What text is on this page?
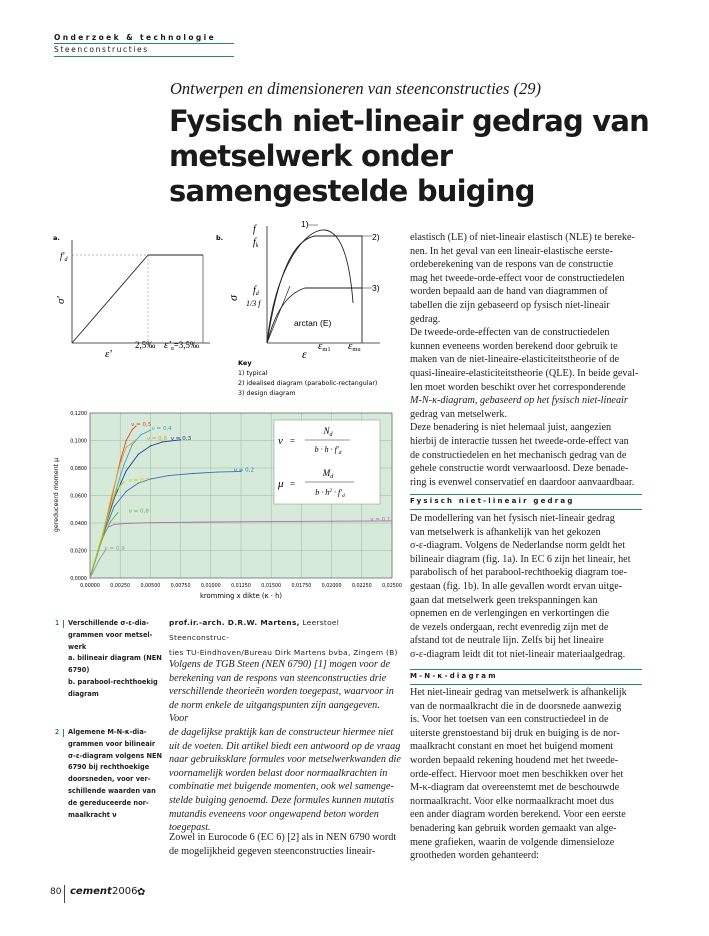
Onderzoek & technologie
Steenconstructies
Ontwerpen en dimensioneren van steenconstructies (29)
Fysisch niet-lineair gedrag van
metselwerk onder
samengestelde buiging
a.
$f'_d$
σ'
ε'
2,5‰ $\varepsilon'_u=3,5‰$
b.
f
$f_k$
$f_d$
1/3 f
σ
ε
$\varepsilon_{m1}$ $\varepsilon_{mu}$
arctan (E)
1)
2)
3)
Key
1) typical
2) idealised diagram (parabolic-rectangular)
3) design diagram
ν = 0,1
ν = 0,2
ν = 0,3
ν = 0,4
ν = 0,5
ν = 0,6
ν = 0,7
ν = 0,8
ν = 0,9
0,00000 0,00250 0,00500 0,00750 0,01000 0,01250 0,01500 0,01750 0,02000 0,02250 0,02500
0,0000
0,0200
0,0400
0,0600
0,0800
0,1000
0,1200
kromming x dikte (κ · h)
gereduceerd moment μ
ν =
$N_d$
$b \cdot h \cdot f'_d$
μ =
$M_d$
$b \cdot h^2 \cdot f'_d$
1 Verschillende σ-ε-dia-
grammen voor metsel-
werk
a. bilineair diagram (NEN
6790)
b. parabool-rechthoekig
diagram
2 Algemene M-N-κ-dia-
grammen voor bilineair
σ-ε-diagram volgens NEN
6790 bij rechthoekige
doorsneden, voor ver-
schillende waarden van
de gereduceerde nor-
maalkracht ν
prof.ir.-arch. D.R.W. Martens, Leerstoel Steenconstruc-
ties TU-Eindhoven/Bureau Dirk Martens bvba, Zingem (B)
Volgens de TGB Steen (NEN 6790) [1] mogen voor de
berekening van de respons van steenconstructies drie
verschillende theorieën worden toegepast, waarvoor in
de norm enkele de uitgangspunten zijn aangegeven. Voor
de dagelijkse praktijk kan de constructeur hiermee niet
uit de voeten. Dit artikel biedt een antwoord op de vraag
naar gebruiksklare formules voor metselwerkwanden die
voornamelijk worden belast door normaalkrachten in
combinatie met buigende momenten, ook wel samenge-
stelde buiging genoemd. Deze formules kunnen mutatis
mutandis eveneens voor ongewapend beton worden
toegepast.
Zowel in Eurocode 6 (EC 6) [2] als in NEN 6790 wordt
de mogelijkheid gegeven steenconstructies lineair-
elastisch (LE) of niet-lineair elastisch (NLE) te bereke-
nen. In het geval van een lineair-elastische eerste-
ordeberekening van de respons van de constructie
mag het tweede-orde-effect voor de constructiedelen
worden bepaald aan de hand van diagrammen of
tabellen die zijn gebaseerd op fysisch niet-lineair
gedrag.
De tweede-orde-effecten van de constructiedelen
kunnen eveneens worden berekend door gebruik te
maken van de niet-lineaire-elasticiteitstheorie of de
quasi-lineaire-elasticiteitstheorie (QLE). In beide geval-
len moet worden beschikt over het corresponderende
M-N-κ-diagram, gebaseerd op het fysisch niet-lineair
gedrag van metselwerk.
Deze benadering is niet helemaal juist, aangezien
hierbij de interactie tussen het tweede-orde-effect van
de constructiedelen en het mechanisch gedrag van de
gehele constructie wordt verwaarloosd. Deze benade-
ring is evenwel conservatief en daardoor aanvaardbaar.
Fysisch niet-lineair gedrag
De modellering van het fysisch niet-lineair gedrag
van metselwerk is afhankelijk van het gekozen
σ-ε-diagram. Volgens de Nederlandse norm geldt het
bilineair diagram (fig. 1a). In EC 6 zijn het lineair, het
parabolisch of het parabool-rechthoekig diagram toe-
gestaan (fig. 1b). In alle gevallen wordt ervan uitge-
gaan dat metselwerk geen trekspanningen kan
opnemen en de verlengingen en verkortingen die
de vezels ondergaan, recht evenredig zijn met de
afstand tot de neutrale lijn. Zelfs bij het lineaire
σ-ε-diagram leidt dit tot niet-lineair materiaalgedrag.
M-N-κ-diagram
Het niet-lineair gedrag van metselwerk is afhankelijk
van de normaalkracht die in de doorsnede aanwezig
is. Voor het toetsen van een constructiedeel in de
uiterste grenstoestand bij druk en buiging is de nor-
maalkracht constant en moet het buigend moment
worden bepaald rekening houdend met het tweede-
orde-effect. Hiervoor moet men beschikken over het
M-κ-diagram dat overeenstemt met de beschouwde
normaalkracht. Voor elke normaalkracht moet dus
een ander diagram worden berekend. Voor een eerste
benadering kan gebruik worden gemaakt van alge-
mene grafieken, waarin de volgende dimensieloze
grootheden worden gehanteerd:
80 cement 2006 ✿
